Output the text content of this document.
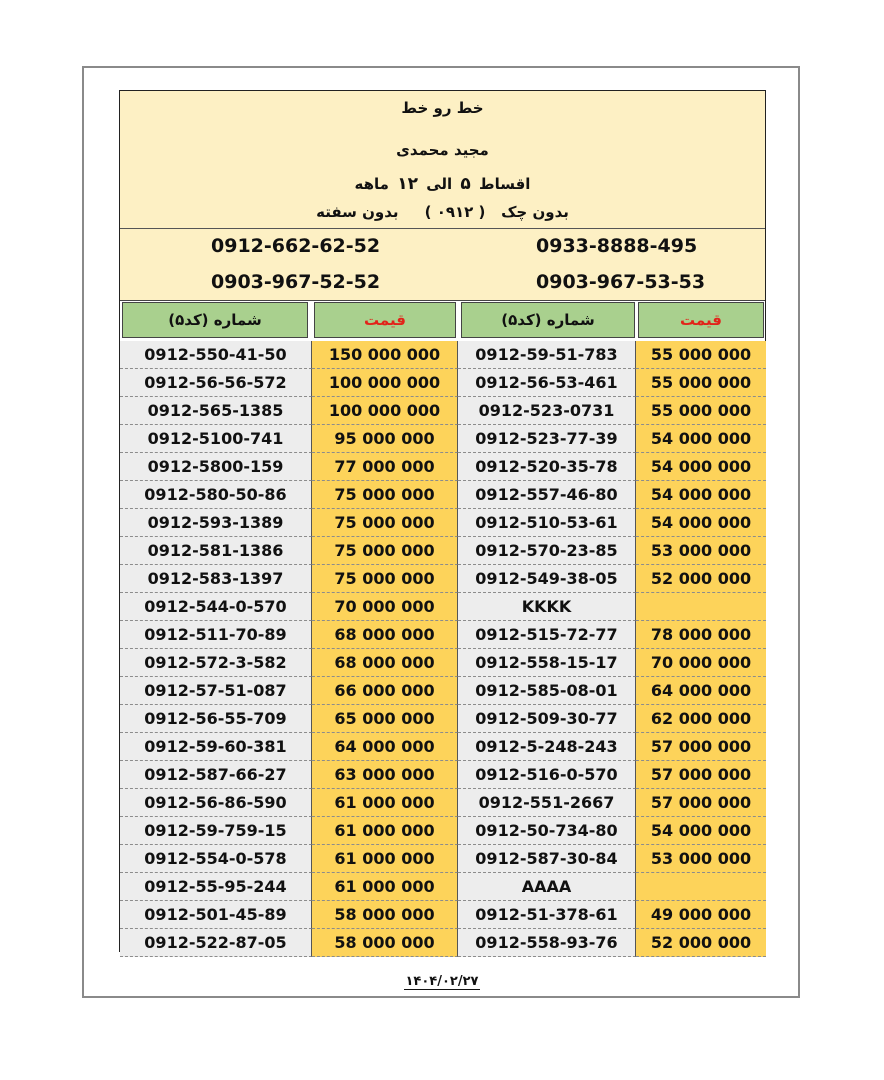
خط رو خط
مجید محمدی
اقساط ۵ الی ۱۲ ماهه
بدون چک   ( ۰۹۱۲ )     بدون سفته
0912-662-62-52
0903-967-52-52
0933-8888-495
0903-967-53-53
شماره (کد۵)	قیمت	شماره (کد۵)	قیمت
0912-550-41-50	150 000 000	0912-59-51-783	55 000 000
0912-56-56-572	100 000 000	0912-56-53-461	55 000 000
0912-565-1385	100 000 000	0912-523-0731	55 000 000
0912-5100-741	95 000 000	0912-523-77-39	54 000 000
0912-5800-159	77 000 000	0912-520-35-78	54 000 000
0912-580-50-86	75 000 000	0912-557-46-80	54 000 000
0912-593-1389	75 000 000	0912-510-53-61	54 000 000
0912-581-1386	75 000 000	0912-570-23-85	53 000 000
0912-583-1397	75 000 000	0912-549-38-05	52 000 000
0912-544-0-570	70 000 000	KKKK
0912-511-70-89	68 000 000	0912-515-72-77	78 000 000
0912-572-3-582	68 000 000	0912-558-15-17	70 000 000
0912-57-51-087	66 000 000	0912-585-08-01	64 000 000
0912-56-55-709	65 000 000	0912-509-30-77	62 000 000
0912-59-60-381	64 000 000	0912-5-248-243	57 000 000
0912-587-66-27	63 000 000	0912-516-0-570	57 000 000
0912-56-86-590	61 000 000	0912-551-2667	57 000 000
0912-59-759-15	61 000 000	0912-50-734-80	54 000 000
0912-554-0-578	61 000 000	0912-587-30-84	53 000 000
0912-55-95-244	61 000 000	AAAA
0912-501-45-89	58 000 000	0912-51-378-61	49 000 000
0912-522-87-05	58 000 000	0912-558-93-76	52 000 000
۱۴۰۴/۰۲/۲۷
